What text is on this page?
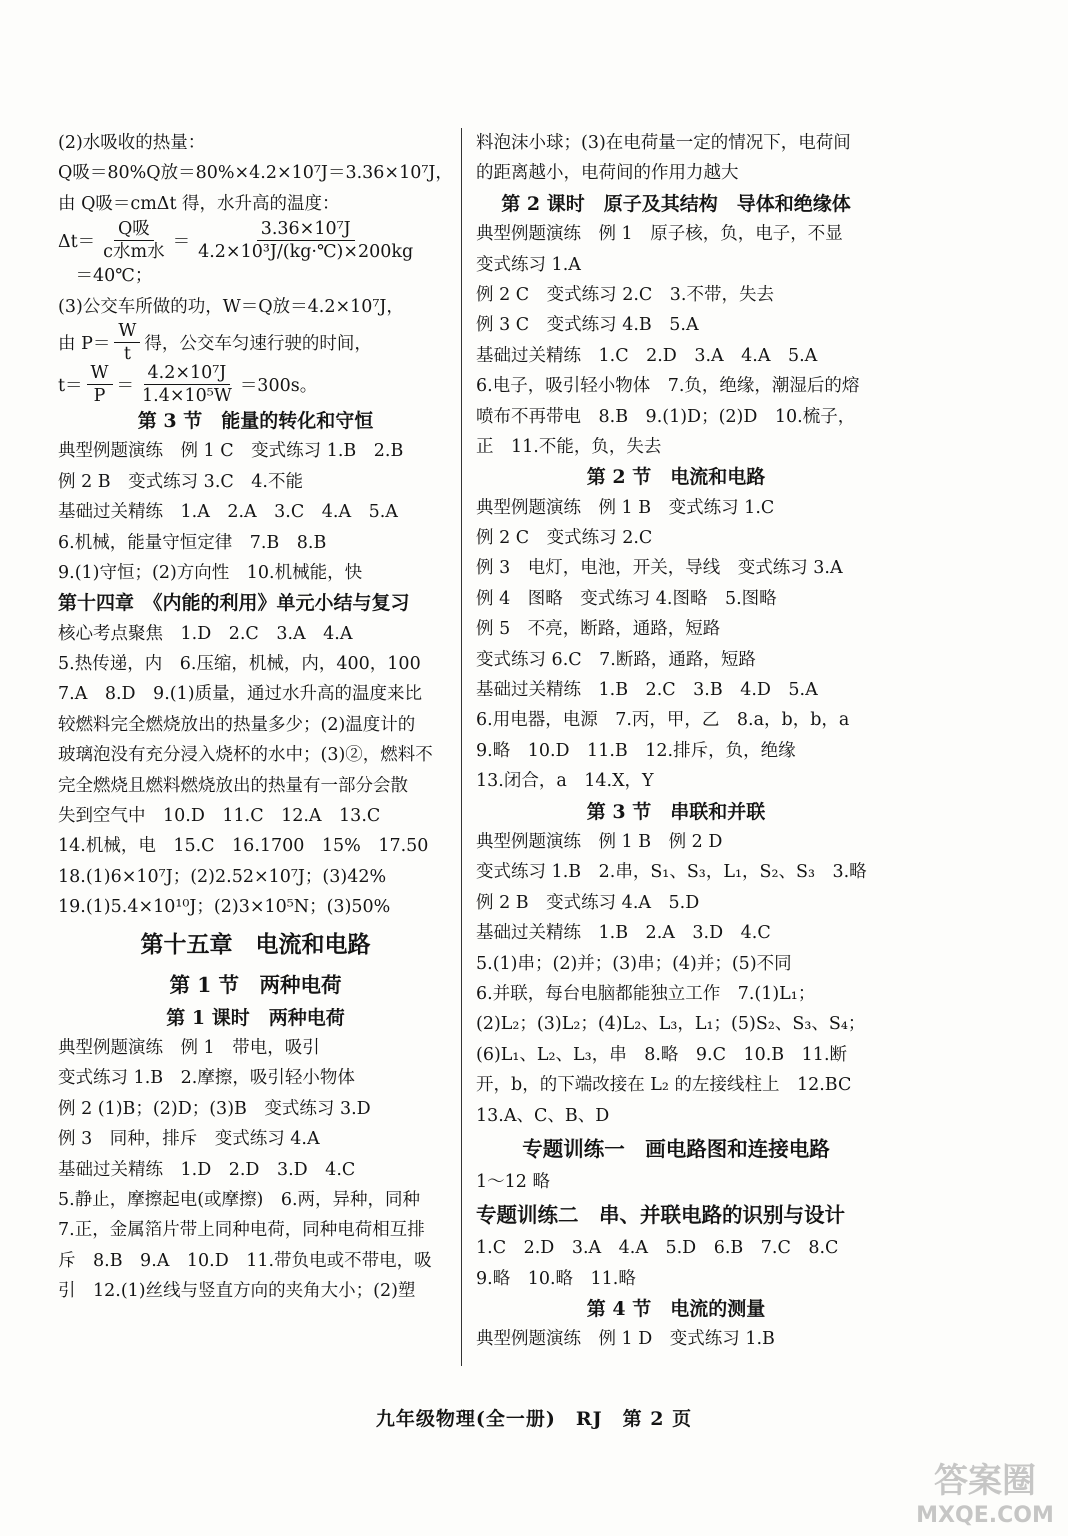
(2)水吸收的热量：
Q吸＝80%Q放＝80%×4.2×10⁷J＝3.36×10⁷J，
由 Q吸＝cmΔt 得，水升高的温度：
$\Delta t= \frac{\text{Q吸}}{\text{c水m水}} = \frac{\text{3.36×10⁷J}}{\text{4.2×10³J/(kg·℃)×200kg}}$
　＝40℃；
(3)公交车所做的功，W＝Q放＝4.2×10⁷J，
由 $P= \frac{W}{t}$ 得，公交车匀速行驶的时间，
$t= \frac{W}{P} = \frac{\text{4.2×10⁷J}}{\text{1.4×10⁵W}} =300s$。
第 3 节　能量的转化和守恒
典型例题演练　例 1 C　变式练习 1.B　2.B
例 2 B　变式练习 3.C　4.不能
基础过关精练　1.A　2.A　3.C　4.A　5.A
6.机械，能量守恒定律　7.B　8.B
9.(1)守恒；(2)方向性　10.机械能，快
第十四章　《内能的利用》单元小结与复习
核心考点聚焦　1.D　2.C　3.A　4.A
5.热传递，内　6.压缩，机械，内，400，100
7.A　8.D　9.(1)质量，通过水升高的温度来比
较燃料完全燃烧放出的热量多少；(2)温度计的
玻璃泡没有充分浸入烧杯的水中；(3)②，燃料不
完全燃烧且燃料燃烧放出的热量有一部分会散
失到空气中　10.D　11.C　12.A　13.C
14.机械，电　15.C　16.1700　15%　17.50
18.(1)6×10⁷J；(2)2.52×10⁷J；(3)42%
19.(1)5.4×10¹⁰J；(2)3×10⁵N；(3)50%
第十五章　电流和电路
第 1 节　两种电荷
第 1 课时　两种电荷
典型例题演练　例 1　带电，吸引
变式练习 1.B　2.摩擦，吸引轻小物体
例 2 (1)B；(2)D；(3)B　变式练习 3.D
例 3　同种，排斥　变式练习 4.A
基础过关精练　1.D　2.D　3.D　4.C
5.静止，摩擦起电(或摩擦)　6.两，异种，同种
7.正，金属箔片带上同种电荷，同种电荷相互排
斥　8.B　9.A　10.D　11.带负电或不带电，吸
引　12.(1)丝线与竖直方向的夹角大小；(2)塑
料泡沫小球；(3)在电荷量一定的情况下，电荷间
的距离越小，电荷间的作用力越大
第 2 课时　原子及其结构　导体和绝缘体
典型例题演练　例 1　原子核，负，电子，不显
变式练习 1.A
例 2 C　变式练习 2.C　3.不带，失去
例 3 C　变式练习 4.B　5.A
基础过关精练　1.C　2.D　3.A　4.A　5.A
6.电子，吸引轻小物体　7.负，绝缘，潮湿后的熔
喷布不再带电　8.B　9.(1)D；(2)D　10.梳子，
正　11.不能，负，失去
第 2 节　电流和电路
典型例题演练　例 1 B　变式练习 1.C
例 2 C　变式练习 2.C
例 3　电灯，电池，开关，导线　变式练习 3.A
例 4　图略　变式练习 4.图略　5.图略
例 5　不亮，断路，通路，短路
变式练习 6.C　7.断路，通路，短路
基础过关精练　1.B　2.C　3.B　4.D　5.A
6.用电器，电源　7.丙，甲，乙　8.a，b，b，a
9.略　10.D　11.B　12.排斥，负，绝缘
13.闭合，a　14.X，Y
第 3 节　串联和并联
典型例题演练　例 1 B　例 2 D
变式练习 1.B　2.串，S₁、S₃，L₁，S₂、S₃　3.略
例 2 B　变式练习 4.A　5.D
基础过关精练　1.B　2.A　3.D　4.C
5.(1)串；(2)并；(3)串；(4)并；(5)不同
6.并联，每台电脑都能独立工作　7.(1)L₁；
(2)L₂；(3)L₂；(4)L₂、L₃，L₁；(5)S₂、S₃、S₄；
(6)L₁、L₂、L₃，串　8.略　9.C　10.B　11.断
开，b，的下端改接在 L₂ 的左接线柱上　12.BC
13.A、C、B、D
专题训练一　画电路图和连接电路
1～12 略
专题训练二　串、并联电路的识别与设计
1.C　2.D　3.A　4.A　5.D　6.B　7.C　8.C
9.略　10.略　11.略
第 4 节　电流的测量
典型例题演练　例 1 D　变式练习 1.B
九年级物理(全一册)　RJ　第 2 页
答案圈
MXQE.COM
